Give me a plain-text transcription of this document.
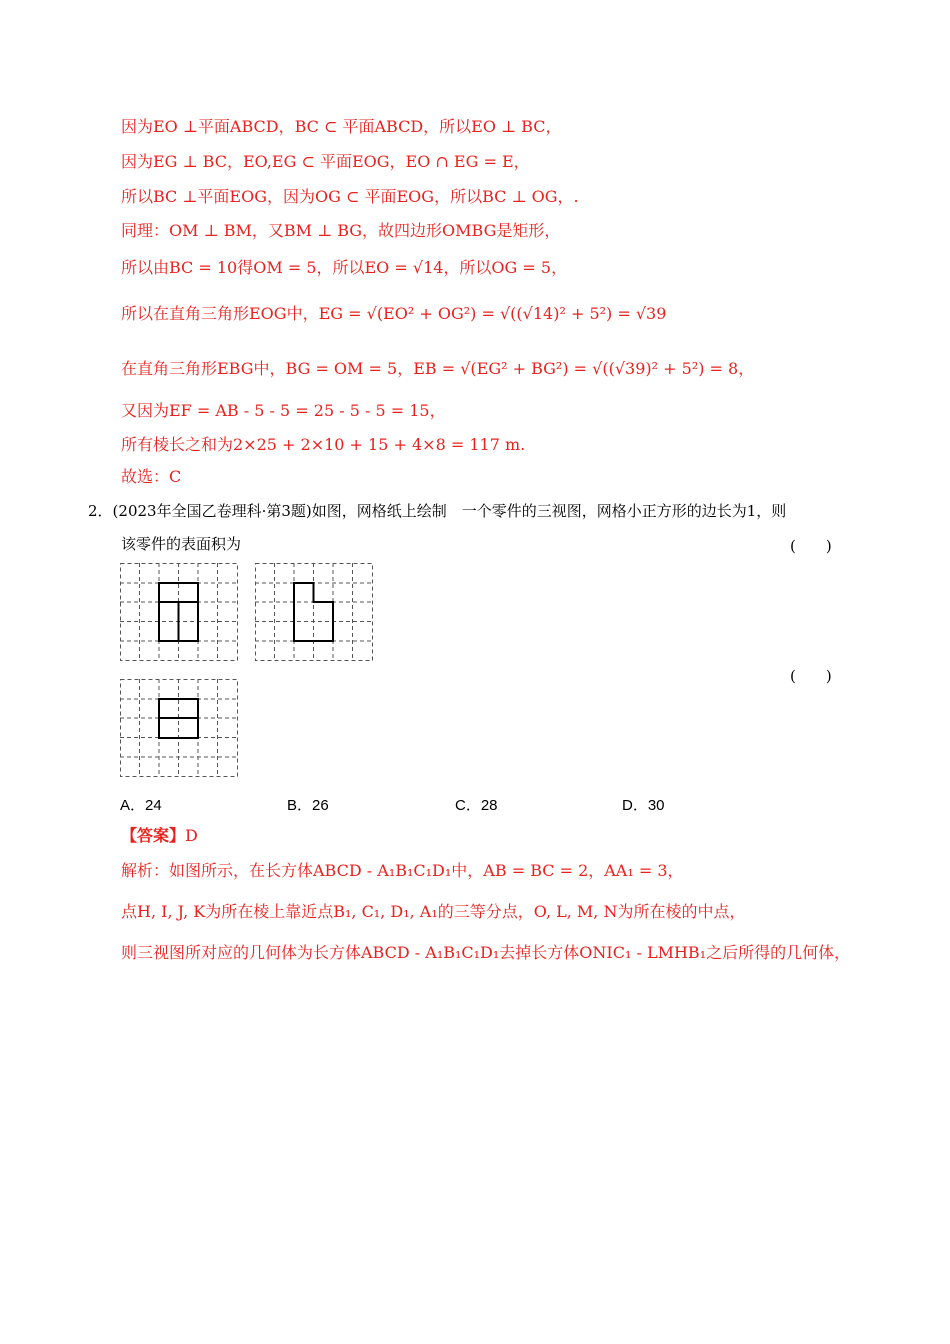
因为EO ⊥平面ABCD，BC ⊂ 平面ABCD，所以EO ⊥ BC，
因为EG ⊥ BC，EO,EG ⊂ 平面EOG，EO ∩ EG = E，
所以BC ⊥平面EOG，因为OG ⊂ 平面EOG，所以BC ⊥ OG，.
同理：OM ⊥ BM，又BM ⊥ BG，故四边形OMBG是矩形，
所以由BC = 10得OM = 5，所以EO = √14，所以OG = 5，
所以在直角三角形EOG中，EG = √(EO² + OG²) = √((√14)² + 5²) = √39
在直角三角形EBG中，BG = OM = 5，EB = √(EG² + BG²) = √((√39)² + 5²) = 8，
又因为EF = AB - 5 - 5 = 25 - 5 - 5 = 15，
所有棱长之和为2×25 + 2×10 + 15 + 4×8 = 117 m.
故选：C
2．(2023年全国乙卷理科·第3题)如图，网格纸上绘制　一个零件的三视图，网格小正方形的边长为1，则
该零件的表面积为	(　　)
(　　)
A．24	B．26	C．28	D．30
【答案】D
解析：如图所示，在长方体ABCD - A₁B₁C₁D₁中，AB = BC = 2，AA₁ = 3，
点H, I, J, K为所在棱上靠近点B₁, C₁, D₁, A₁的三等分点，O, L, M, N为所在棱的中点，
则三视图所对应的几何体为长方体ABCD - A₁B₁C₁D₁去掉长方体ONIC₁ - LMHB₁之后所得的几何体，
